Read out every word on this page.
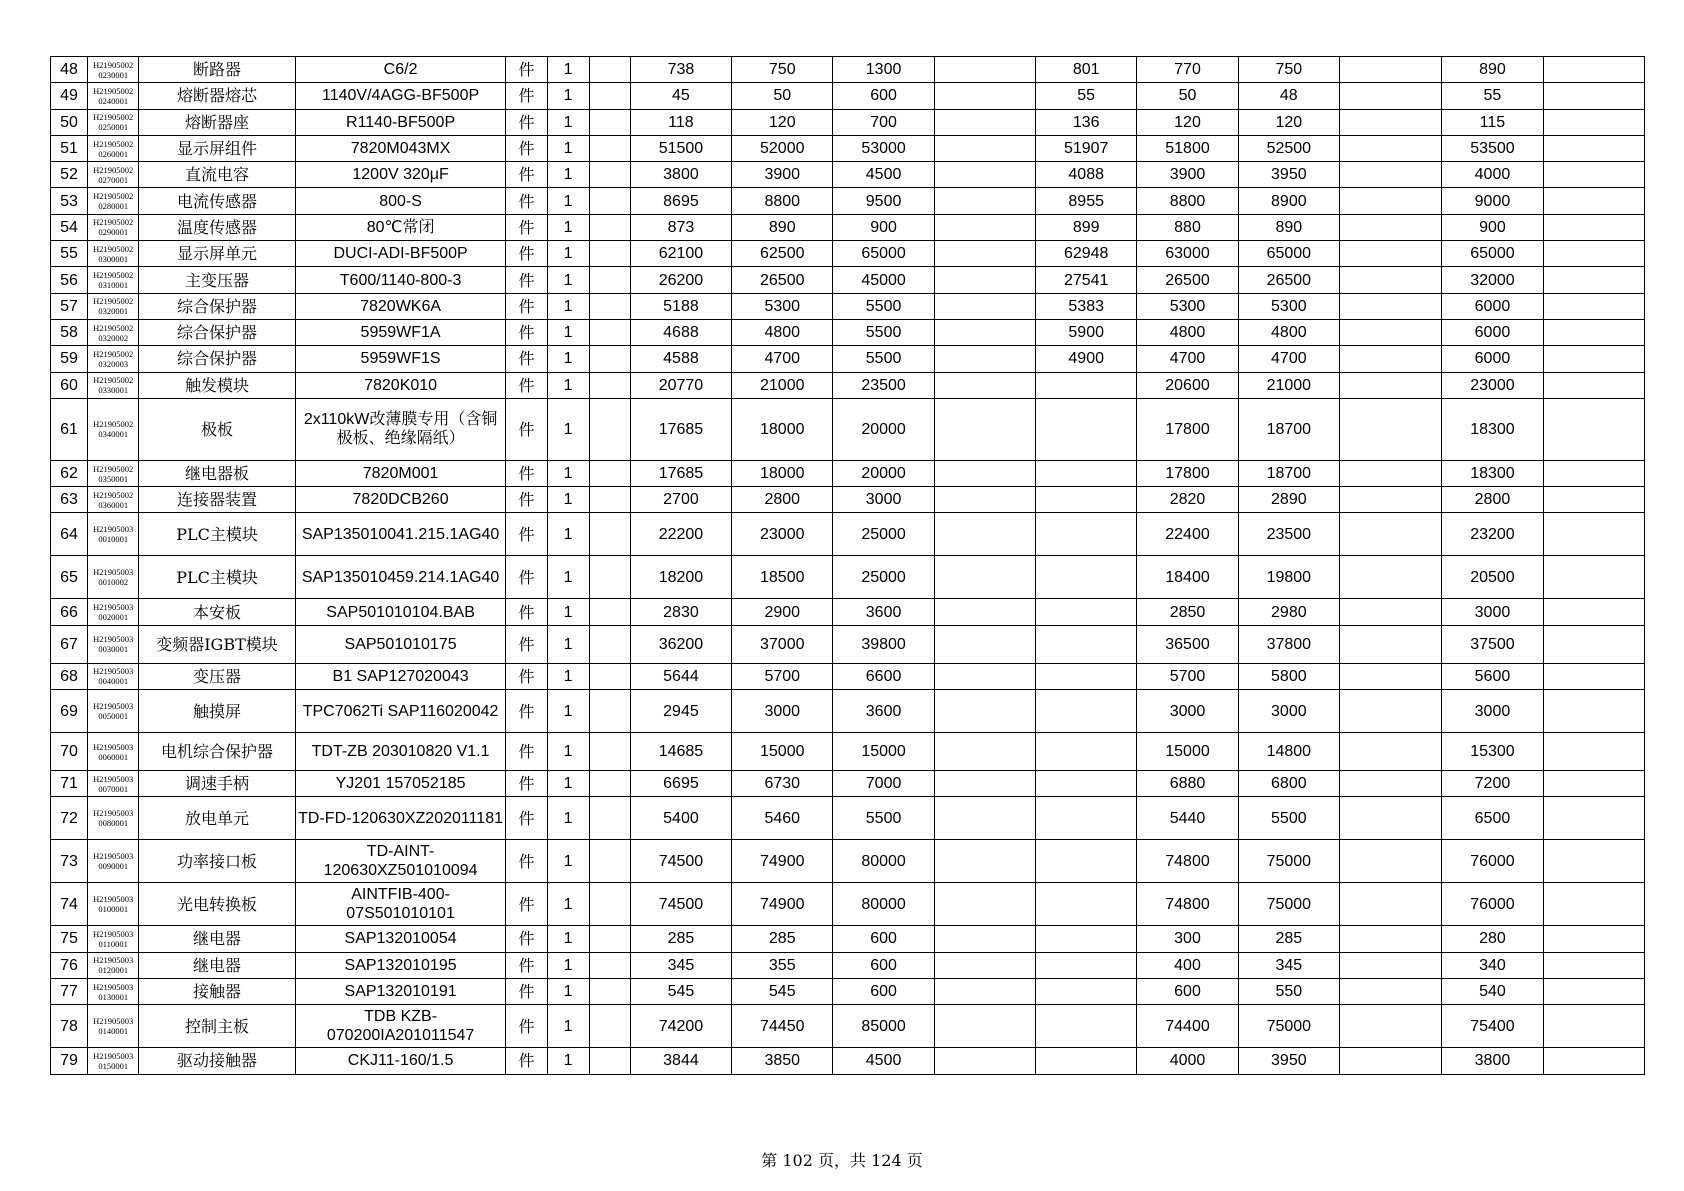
48	H21905002 0230001	断路器	C6/2	件	1		738	750	1300		801	770	750		890	
49	H21905002 0240001	熔断器熔芯	1140V/4AGG-BF500P	件	1		45	50	600		55	50	48		55	
50	H21905002 0250001	熔断器座	R1140-BF500P	件	1		118	120	700		136	120	120		115	
51	H21905002 0260001	显示屏组件	7820M043MX	件	1		51500	52000	53000		51907	51800	52500		53500	
52	H21905002 0270001	直流电容	1200V 320μF	件	1		3800	3900	4500		4088	3900	3950		4000	
53	H21905002 0280001	电流传感器	800-S	件	1		8695	8800	9500		8955	8800	8900		9000	
54	H21905002 0290001	温度传感器	80℃常闭	件	1		873	890	900		899	880	890		900	
55	H21905002 0300001	显示屏单元	DUCI-ADI-BF500P	件	1		62100	62500	65000		62948	63000	65000		65000	
56	H21905002 0310001	主变压器	T600/1140-800-3	件	1		26200	26500	45000		27541	26500	26500		32000	
57	H21905002 0320001	综合保护器	7820WK6A	件	1		5188	5300	5500		5383	5300	5300		6000	
58	H21905002 0320002	综合保护器	5959WF1A	件	1		4688	4800	5500		5900	4800	4800		6000	
59	H21905002 0320003	综合保护器	5959WF1S	件	1		4588	4700	5500		4900	4700	4700		6000	
60	H21905002 0330001	触发模块	7820K010	件	1		20770	21000	23500			20600	21000		23000	
61	H21905002 0340001	极板	2x110kW改薄膜专用（含铜极板、绝缘隔纸）	件	1		17685	18000	20000			17800	18700		18300	
62	H21905002 0350001	继电器板	7820M001	件	1		17685	18000	20000			17800	18700		18300	
63	H21905002 0360001	连接器装置	7820DCB260	件	1		2700	2800	3000			2820	2890		2800	
64	H21905003 0010001	PLC主模块	SAP135010041.215.1AG40	件	1		22200	23000	25000			22400	23500		23200	
65	H21905003 0010002	PLC主模块	SAP135010459.214.1AG40	件	1		18200	18500	25000			18400	19800		20500	
66	H21905003 0020001	本安板	SAP501010104.BAB	件	1		2830	2900	3600			2850	2980		3000	
67	H21905003 0030001	变频器IGBT模块	SAP501010175	件	1		36200	37000	39800			36500	37800		37500	
68	H21905003 0040001	变压器	B1 SAP127020043	件	1		5644	5700	6600			5700	5800		5600	
69	H21905003 0050001	触摸屏	TPC7062Ti SAP116020042	件	1		2945	3000	3600			3000	3000		3000	
70	H21905003 0060001	电机综合保护器	TDT-ZB 203010820 V1.1	件	1		14685	15000	15000			15000	14800		15300	
71	H21905003 0070001	调速手柄	YJ201 157052185	件	1		6695	6730	7000			6880	6800		7200	
72	H21905003 0080001	放电单元	TD-FD-120630XZ202011181	件	1		5400	5460	5500			5440	5500		6500	
73	H21905003 0090001	功率接口板	TD-AINT-120630XZ501010094	件	1		74500	74900	80000			74800	75000		76000	
74	H21905003 0100001	光电转换板	AINTFIB-400-07S501010101	件	1		74500	74900	80000			74800	75000		76000	
75	H21905003 0110001	继电器	SAP132010054	件	1		285	285	600			300	285		280	
76	H21905003 0120001	继电器	SAP132010195	件	1		345	355	600			400	345		340	
77	H21905003 0130001	接触器	SAP132010191	件	1		545	545	600			600	550		540	
78	H21905003 0140001	控制主板	TDB KZB-070200IA201011547	件	1		74200	74450	85000			74400	75000		75400	
79	H21905003 0150001	驱动接触器	CKJ11-160/1.5	件	1		3844	3850	4500			4000	3950		3800	
第 102 页，共 124 页
